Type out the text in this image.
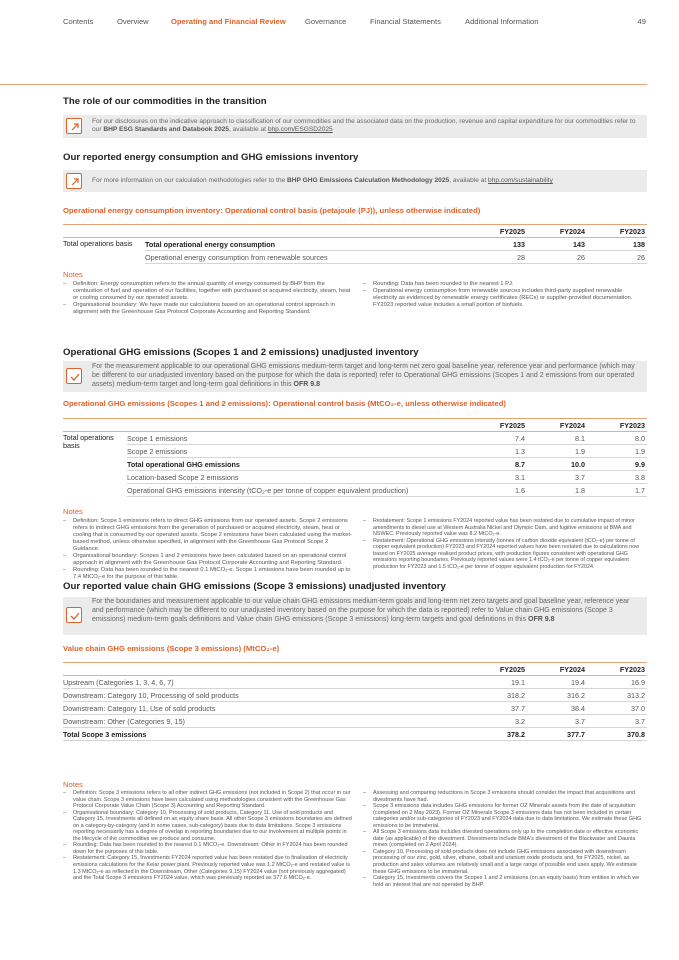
Contents	Overview	Operating and Financial Review	Governance	Financial Statements	Additional Information	49
The role of our commodities in the transition
For our disclosures on the indicative approach to classification of our commodities and the associated data on the production, revenue and capital expenditure for our commodities refer to our BHP ESG Standards and Databook 2025, available at bhp.com/ESGSD2025
Our reported energy consumption and GHG emissions inventory
For more information on our calculation methodologies refer to the BHP GHG Emissions Calculation Methodology 2025, available at bhp.com/sustainability
Operational energy consumption inventory: Operational control basis (petajoule (PJ)), unless otherwise indicated)
		FY2025	FY2024	FY2023
Total operations basis	Total operational energy consumption	133	143	138
	Operational energy consumption from renewable sources	28	26	26
Notes

– Definition: Energy consumption refers to the annual quantity of energy consumed by BHP from the combustion of fuel and operation of our facilities, together with purchased or acquired electricity, steam, heat or cooling consumed by our operated assets.

– Organisational boundary: We have made our calculations based on an operational control approach in alignment with the Greenhouse Gas Protocol Corporate Accounting and Reporting Standard.

– Rounding: Data has been rounded to the nearest 1 PJ.

– Operational energy consumption from renewable sources includes third-party supplied renewable electricity as evidenced by renewable energy certificates (RECs) or supplier-provided documentation. FY2023 reported value includes a small portion of biofuels.

Operational GHG emissions (Scopes 1 and 2 emissions) unadjusted inventory
For the measurement applicable to our operational GHG emissions medium-term target and long-term net zero goal baseline year, reference year and performance (which may be different to our unadjusted inventory based on the purpose for which the data is reported) refer to Operational GHG emissions (Scopes 1 and 2 emissions from our operated assets) medium-term target and long-term goal definitions in this OFR 9.8
Operational GHG emissions (Scopes 1 and 2 emissions): Operational control basis (MtCO₂-e, unless otherwise indicated)
		FY2025	FY2024	FY2023
Total operations basis	Scope 1 emissions	7.4	8.1	8.0
	Scope 2 emissions	1.3	1.9	1.9
	Total operational GHG emissions	8.7	10.0	9.9
	Location-based Scope 2 emissions	3.1	3.7	3.8
	Operational GHG emissions intensity (tCO₂-e per tonne of copper equivalent production)	1.6	1.8	1.7
Notes

– Definition: Scope 1 emissions refers to direct GHG emissions from our operated assets. Scope 2 emissions refers to indirect GHG emissions from the generation of purchased or acquired electricity, steam, heat or cooling that is consumed by our operated assets. Scope 2 emissions have been calculated using the market-based method, unless otherwise specified, in alignment with the Greenhouse Gas Protocol Scope 2 Guidance.

– Organisational boundary: Scopes 1 and 2 emissions have been calculated based on an operational control approach in alignment with the Greenhouse Gas Protocol Corporate Accounting and Reporting Standard.

– Rounding: Data has been rounded to the nearest 0.1 MtCO₂-e. Scope 1 emissions have been rounded up to 7.4 MtCO₂-e for the purpose of this table.

– Restatement: Scope 1 emissions FY2024 reported value has been restated due to cumulative impact of minor amendments to diesel use at Western Australia Nickel and Olympic Dam, and fugitive emissions at BMA and NSWEC. Previously reported value was 8.2 MtCO₂-e.

– Restatement: Operational GHG emissions intensity (tonnes of carbon dioxide equivalent (tCO₂-e) per tonne of copper equivalent production) FY2023 and FY2024 reported values have been restated due to calculations now based on FY2025 average realised product prices, with production figures consistent with operational GHG emissions reporting boundaries. Previously reported values were 1.4 tCO₂-e per tonne of copper equivalent production for FY2023 and 1.5 tCO₂-e per tonne of copper equivalent production for FY2024.

Our reported value chain GHG emissions (Scope 3 emissions) unadjusted inventory
For the boundaries and measurement applicable to our value chain GHG emissions medium-term goals and long-term net zero targets and goal baseline year, reference year and performance (which may be different to our unadjusted inventory based on the purpose for which the data is reported) refer to Value chain GHG emissions (Scope 3 emissions) medium-term goals definitions and Value chain GHG emissions (Scope 3 emissions) long-term targets and goal definitions in this OFR 9.8
Value chain GHG emissions (Scope 3 emissions) (MtCO₂-e)
	FY2025	FY2024	FY2023
Upstream (Categories 1, 3, 4, 6, 7)	19.1	19.4	16.9
Downstream: Category 10, Processing of sold products	318.2	316.2	313.2
Downstream: Category 11, Use of sold products	37.7	38.4	37.0
Downstream: Other (Categories 9, 15)	3.2	3.7	3.7
Total Scope 3 emissions	378.2	377.7	370.8
Notes

– Definition: Scope 3 emissions refers to all other indirect GHG emissions (not included in Scope 2) that occur in our value chain. Scope 3 emissions have been calculated using methodologies consistent with the Greenhouse Gas Protocol Corporate Value Chain (Scope 3) Accounting and Reporting Standard.

– Organisational boundary: Category 10, Processing of sold products, Category 11, Use of sold products and Category 15, Investments all defined on an equity share basis. All other Scope 3 emissions boundaries are defined on a category-by-category (and in some cases, sub-category) basis due to data limitations. Scope 3 emissions reporting necessarily has a degree of overlap in reporting boundaries due to our involvement at multiple points in the lifecycle of the commodities we produce and consume.

– Rounding: Data has been rounded to the nearest 0.1 MtCO₂-e. Downstream: Other in FY2024 has been rounded down for the purposes of this table.

– Restatement: Category 15, Investments FY2024 reported value has been restated due to finalisation of electricity emissions calculations for the Kelar power plant. Previously reported value was 1.2 MtCO₂-e and restated value is 1.3 MtCO₂-e as reflected in the Downstream, Other (Categories 9,15) FY2024 value (not previously aggregated) and the Total Scope 3 emissions FY2024 value, which was previously reported as 377.6 MtCO₂-e.

– Assessing and comparing reductions in Scope 3 emissions should consider the impact that acquisitions and divestments have had.

– Scope 3 emissions data includes GHG emissions for former OZ Minerals assets from the date of acquisition (completed on 2 May 2023). Former OZ Minerals Scope 3 emissions data has not been included in certain categories and/or sub-categories of FY2023 and FY2024 data due to data limitations. We estimate these GHG emissions to be immaterial.

– All Scope 3 emissions data includes divested operations only up to the completion date or effective economic date (as applicable) of the divestment. Divestments include BMA's divestment of the Blackwater and Daunia mines (completed on 2 April 2024).

– Category 10, Processing of sold products does not include GHG emissions associated with downstream processing of our zinc, gold, silver, ethane, cobalt and uranium oxide products and, for FY2025, nickel, as production and sales volumes are relatively small and a large range of possible end uses apply. We estimate these GHG emissions to be immaterial.

– Category 15, Investments covers the Scopes 1 and 2 emissions (on an equity basis) from entities in which we hold an interest that are not operated by BHP.
